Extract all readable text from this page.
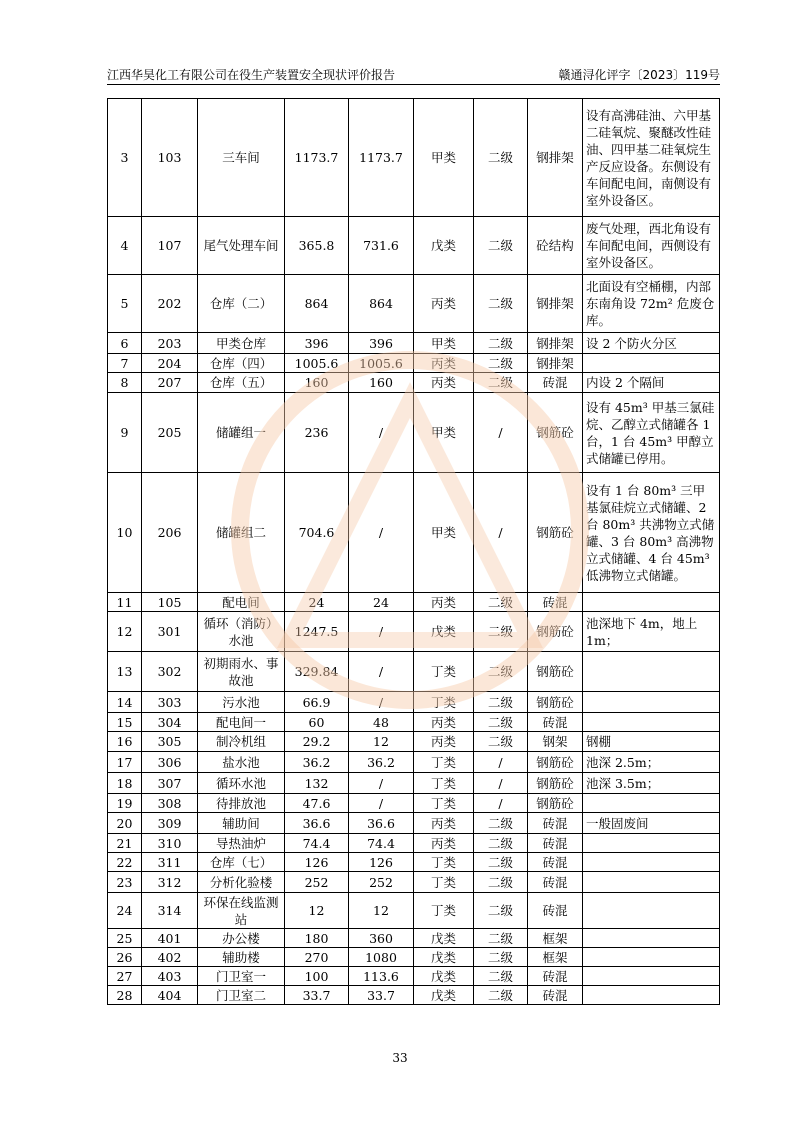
江西华昊化工有限公司在役生产装置安全现状评价报告	赣通浔化评字〔2023〕119号
3	103	三车间	1173.7	1173.7	甲类	二级	钢排架	设有高沸硅油、六甲基二硅氧烷、聚醚改性硅油、四甲基二硅氧烷生产反应设备。东侧设有车间配电间，南侧设有室外设备区。
4	107	尾气处理车间	365.8	731.6	戊类	二级	砼结构	废气处理，西北角设有车间配电间，西侧设有室外设备区。
5	202	仓库（二）	864	864	丙类	二级	钢排架	北面设有空桶棚，内部东南角设 72m² 危废仓库。
6	203	甲类仓库	396	396	甲类	二级	钢排架	设 2 个防火分区
7	204	仓库（四）	1005.6	1005.6	丙类	二级	钢排架	
8	207	仓库（五）	160	160	丙类	二级	砖混	内设 2 个隔间
9	205	储罐组一	236	/	甲类	/	钢筋砼	设有 45m³ 甲基三氯硅烷、乙醇立式储罐各 1 台，1 台 45m³ 甲醇立式储罐已停用。
10	206	储罐组二	704.6	/	甲类	/	钢筋砼	设有 1 台 80m³ 三甲基氯硅烷立式储罐、2 台 80m³ 共沸物立式储罐、3 台 80m³ 高沸物立式储罐、4 台 45m³ 低沸物立式储罐。
11	105	配电间	24	24	丙类	二级	砖混	
12	301	循环（消防）水池	1247.5	/	戊类	二级	钢筋砼	池深地下 4m，地上 1m；
13	302	初期雨水、事故池	329.84	/	丁类	二级	钢筋砼	
14	303	污水池	66.9	/	丁类	二级	钢筋砼	
15	304	配电间一	60	48	丙类	二级	砖混	
16	305	制冷机组	29.2	12	丙类	二级	钢架	钢棚
17	306	盐水池	36.2	36.2	丁类	/	钢筋砼	池深 2.5m；
18	307	循环水池	132	/	丁类	/	钢筋砼	池深 3.5m；
19	308	待排放池	47.6	/	丁类	/	钢筋砼	
20	309	辅助间	36.6	36.6	丙类	二级	砖混	一般固废间
21	310	导热油炉	74.4	74.4	丙类	二级	砖混	
22	311	仓库（七）	126	126	丁类	二级	砖混	
23	312	分析化验楼	252	252	丁类	二级	砖混	
24	314	环保在线监测站	12	12	丁类	二级	砖混	
25	401	办公楼	180	360	戊类	二级	框架	
26	402	辅助楼	270	1080	戊类	二级	框架	
27	403	门卫室一	100	113.6	戊类	二级	砖混	
28	404	门卫室二	33.7	33.7	戊类	二级	砖混	
33
